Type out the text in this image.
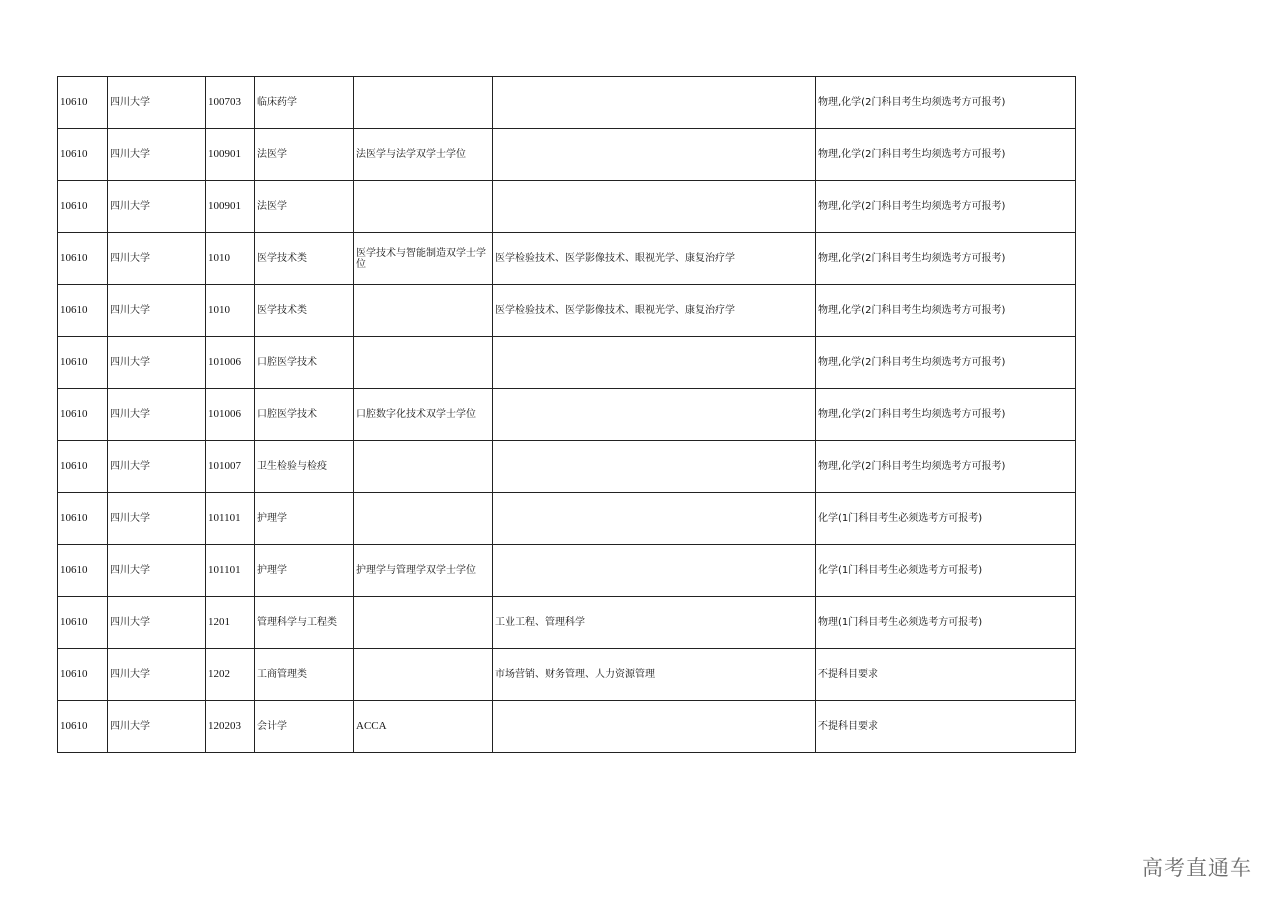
10610	四川大学	100703	临床药学			物理,化学(2门科目考生均须选考方可报考)
10610	四川大学	100901	法医学	法医学与法学双学士学位		物理,化学(2门科目考生均须选考方可报考)
10610	四川大学	100901	法医学			物理,化学(2门科目考生均须选考方可报考)
10610	四川大学	1010	医学技术类	医学技术与智能制造双学士学位	医学检验技术、医学影像技术、眼视光学、康复治疗学	物理,化学(2门科目考生均须选考方可报考)
10610	四川大学	1010	医学技术类		医学检验技术、医学影像技术、眼视光学、康复治疗学	物理,化学(2门科目考生均须选考方可报考)
10610	四川大学	101006	口腔医学技术			物理,化学(2门科目考生均须选考方可报考)
10610	四川大学	101006	口腔医学技术	口腔数字化技术双学士学位		物理,化学(2门科目考生均须选考方可报考)
10610	四川大学	101007	卫生检验与检疫			物理,化学(2门科目考生均须选考方可报考)
10610	四川大学	101101	护理学			化学(1门科目考生必须选考方可报考)
10610	四川大学	101101	护理学	护理学与管理学双学士学位		化学(1门科目考生必须选考方可报考)
10610	四川大学	1201	管理科学与工程类		工业工程、管理科学	物理(1门科目考生必须选考方可报考)
10610	四川大学	1202	工商管理类		市场营销、财务管理、人力资源管理	不提科目要求
10610	四川大学	120203	会计学	ACCA		不提科目要求
高考直通车
